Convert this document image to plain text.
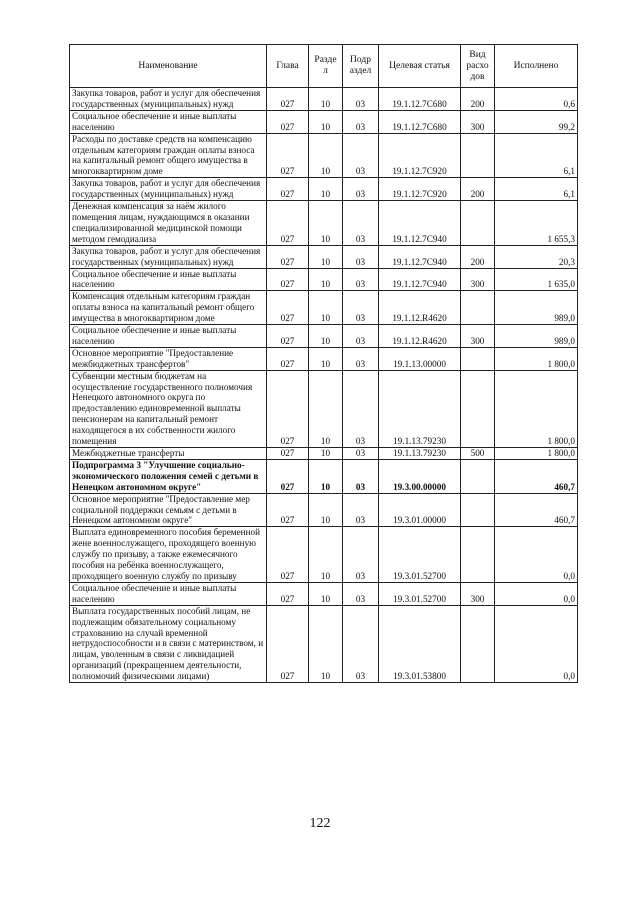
Наименование	Глава	Разде л	Подр аздел	Целевая статья	Вид расхо дов	Исполнено
Закупка товаров, работ и услуг для обеспечения государственных (муниципальных) нужд	027	10	03	19.1.12.7С680	200	0,6
Социальное обеспечение и иные выплаты населению	027	10	03	19.1.12.7С680	300	99,2
Расходы по доставке средств на компенсацию отдельным категориям граждан оплаты взноса на капитальный ремонт общего имущества в многоквартирном доме	027	10	03	19.1.12.7С920		6,1
Закупка товаров, работ и услуг для обеспечения государственных (муниципальных) нужд	027	10	03	19.1.12.7С920	200	6,1
Денежная компенсация за наём жилого помещения лицам, нуждающимся в оказании специализированной медицинской помощи методом гемодиализа	027	10	03	19.1.12.7С940		1 655,3
Закупка товаров, работ и услуг для обеспечения государственных (муниципальных) нужд	027	10	03	19.1.12.7С940	200	20,3
Социальное обеспечение и иные выплаты населению	027	10	03	19.1.12.7С940	300	1 635,0
Компенсация отдельным категориям граждан оплаты взноса на капитальный ремонт общего имущества в многоквартирном доме	027	10	03	19.1.12.R4620		989,0
Социальное обеспечение и иные выплаты населению	027	10	03	19.1.12.R4620	300	989,0
Основное мероприятие "Предоставление межбюджетных трансфертов"	027	10	03	19.1.13.00000		1 800,0
Субвенции местным бюджетам на осуществление государственного полномочия Ненецкого автономного округа по предоставлению единовременной выплаты пенсионерам на капитальный ремонт находящегося в их собственности жилого помещения	027	10	03	19.1.13.79230		1 800,0
Межбюджетные трансферты	027	10	03	19.1.13.79230	500	1 800,0
Подпрограмма 3 "Улучшение социально-экономического положения семей с детьми в Ненецком автономном округе"	027	10	03	19.3.00.00000		460,7
Основное мероприятие "Предоставление мер социальной поддержки семьям с детьми в Ненецком автономном округе"	027	10	03	19.3.01.00000		460,7
Выплата единовременного пособия беременной жене военнослужащего, проходящего военную службу по призыву, а также ежемесячного пособия на ребёнка военнослужащего, проходящего военную службу по призыву	027	10	03	19.3.01.52700		0,0
Социальное обеспечение и иные выплаты населению	027	10	03	19.3.01.52700	300	0,0
Выплата государственных пособий лицам, не подлежащим обязательному социальному страхованию на случай временной нетрудоспособности и в связи с материнством, и лицам, уволенным в связи с ликвидацией организаций (прекращением деятельности, полномочий физическими лицами)	027	10	03	19.3.01.53800		0,0
122
